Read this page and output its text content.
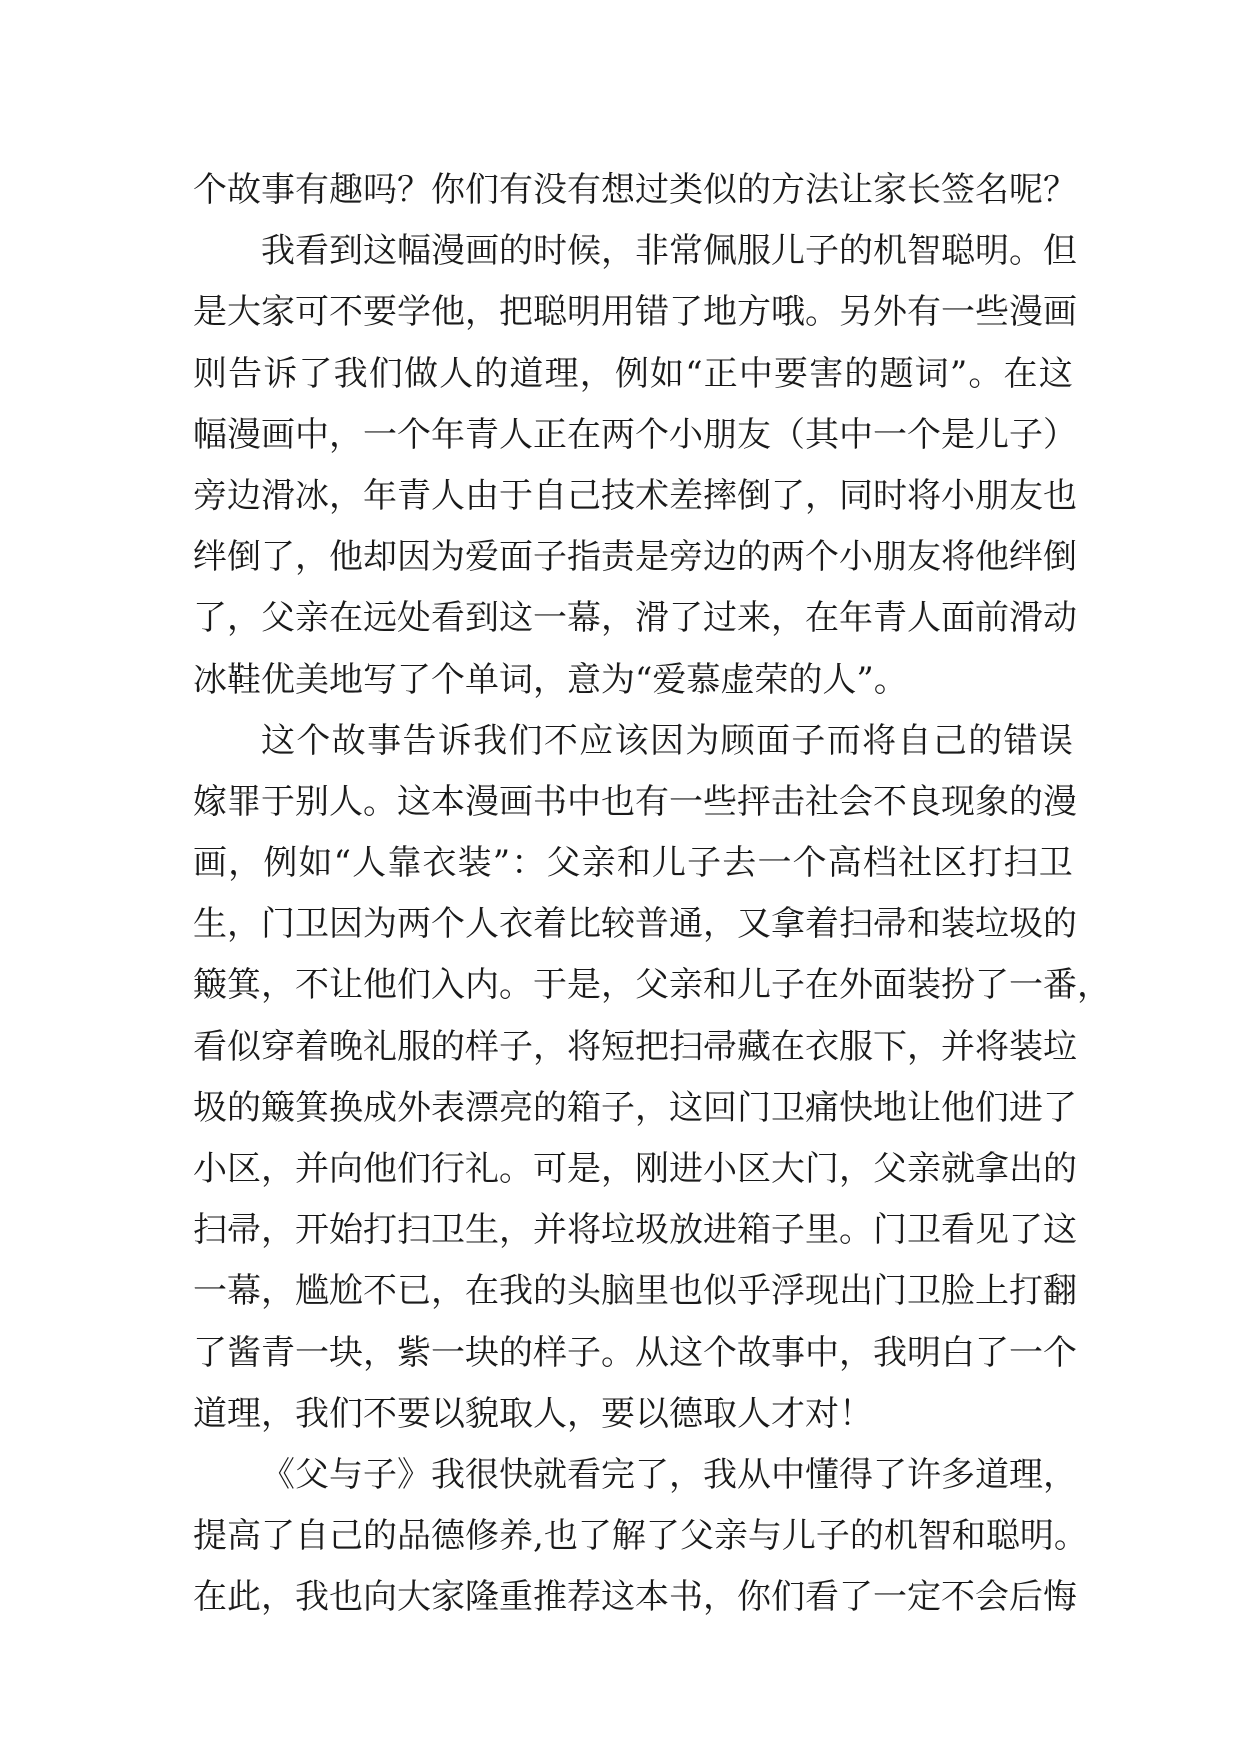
个 故 事 有 趣 吗 ？ 你 们 有 没 有 想 过 类 似 的 方 法 让 家 长 签 名 呢 ？
我 看 到 这 幅 漫 画 的 时 候 ， 非 常 佩 服 儿 子 的 机 智 聪 明 。 但
是 大 家 可 不 要 学 他 ， 把 聪 明 用 错 了 地 方 哦 。 另 外 有 一 些 漫 画
则 告 诉 了 我 们 做 人 的 道 理 ， 例 如 “ 正 中 要 害 的 题 词 ” 。 在 这
幅 漫 画 中 ， 一 个 年 青 人 正 在 两 个 小 朋 友 （ 其 中 一 个 是 儿 子 ）
旁 边 滑 冰 ， 年 青 人 由 于 自 己 技 术 差 摔 倒 了 ， 同 时 将 小 朋 友 也
绊 倒 了 ， 他 却 因 为 爱 面 子 指 责 是 旁 边 的 两 个 小 朋 友 将 他 绊 倒
了 ， 父 亲 在 远 处 看 到 这 一 幕 ， 滑 了 过 来 ， 在 年 青 人 面 前 滑 动
冰 鞋 优 美 地 写 了 个 单 词 ， 意 为 “ 爱 慕 虚 荣 的 人 ” 。
这 个 故 事 告 诉 我 们 不 应 该 因 为 顾 面 子 而 将 自 己 的 错 误
嫁 罪 于 别 人 。 这 本 漫 画 书 中 也 有 一 些 抨 击 社 会 不 良 现 象 的 漫
画 ， 例 如 “ 人 靠 衣 装 ” ： 父 亲 和 儿 子 去 一 个 高 档 社 区 打 扫 卫
生 ， 门 卫 因 为 两 个 人 衣 着 比 较 普 通 ， 又 拿 着 扫 帚 和 装 垃 圾 的
簸 箕 ， 不 让 他 们 入 内 。 于 是 ， 父 亲 和 儿 子 在 外 面 装 扮 了 一 番 ，
看 似 穿 着 晚 礼 服 的 样 子 ， 将 短 把 扫 帚 藏 在 衣 服 下 ， 并 将 装 垃
圾 的 簸 箕 换 成 外 表 漂 亮 的 箱 子 ， 这 回 门 卫 痛 快 地 让 他 们 进 了
小 区 ， 并 向 他 们 行 礼 。 可 是 ， 刚 进 小 区 大 门 ， 父 亲 就 拿 出 的
扫 帚 ， 开 始 打 扫 卫 生 ， 并 将 垃 圾 放 进 箱 子 里 。 门 卫 看 见 了 这
一 幕 ， 尴 尬 不 已 ， 在 我 的 头 脑 里 也 似 乎 浮 现 出 门 卫 脸 上 打 翻
了 酱 青 一 块 ， 紫 一 块 的 样 子 。 从 这 个 故 事 中 ， 我 明 白 了 一 个
道 理 ， 我 们 不 要 以 貌 取 人 ， 要 以 德 取 人 才 对 ！
《 父 与 子 》 我 很 快 就 看 完 了 ， 我 从 中 懂 得 了 许 多 道 理 ，
提 高 了 自 己 的 品 德 修 养 , 也 了 解 了 父 亲 与 儿 子 的 机 智 和 聪 明 。
在 此 ， 我 也 向 大 家 隆 重 推 荐 这 本 书 ， 你 们 看 了 一 定 不 会 后 悔
